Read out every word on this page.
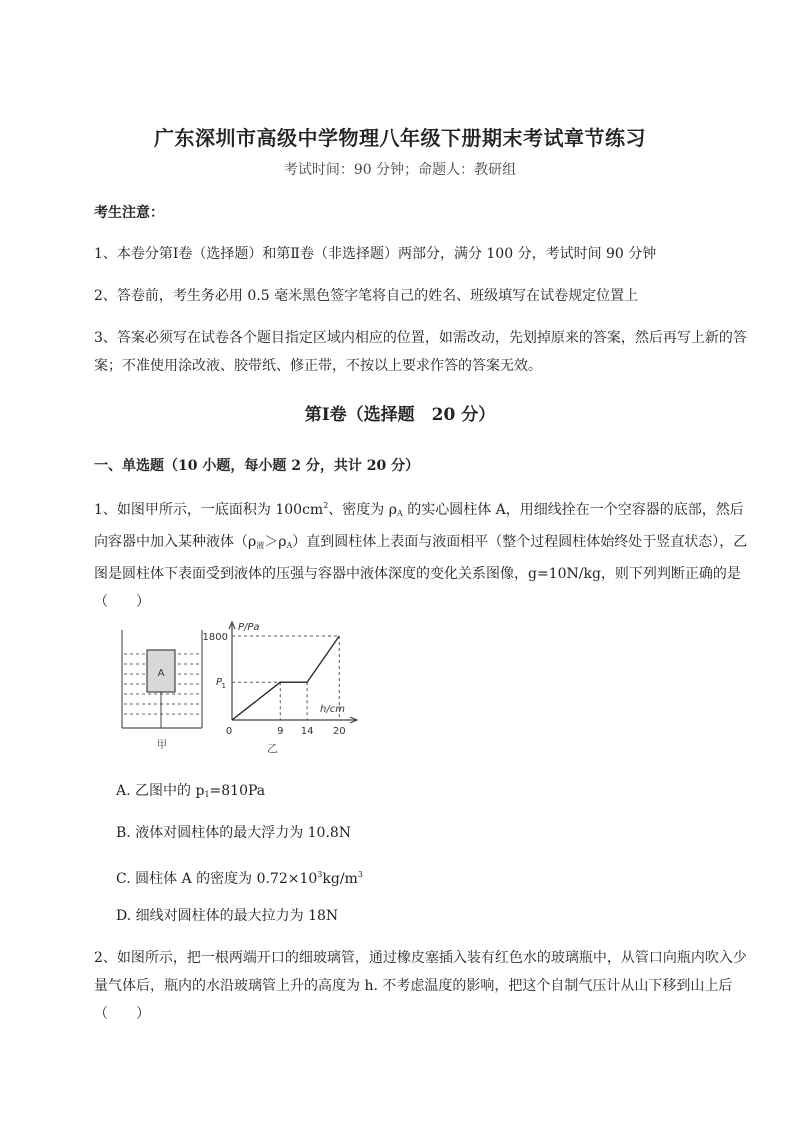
广东深圳市高级中学物理八年级下册期末考试章节练习
考试时间：90 分钟；命题人：教研组
考生注意：
1、本卷分第Ⅰ卷（选择题）和第Ⅱ卷（非选择题）两部分，满分 100 分，考试时间 90 分钟
2、答卷前，考生务必用 0.5 毫米黑色签字笔将自己的姓名、班级填写在试卷规定位置上
3、答案必须写在试卷各个题目指定区域内相应的位置，如需改动，先划掉原来的答案，然后再写上新的答案；不准使用涂改液、胶带纸、修正带，不按以上要求作答的答案无效。
第Ⅰ卷（选择题　20 分）
一、单选题（10 小题，每小题 2 分，共计 20 分）
1、如图甲所示，一底面积为 $100cm^2$、密度为 $\rho_A$ 的实心圆柱体 A，用细线拴在一个空容器的底部，然后向容器中加入某种液体$(\rho_液>\rho_A)$直到圆柱体上表面与液面相平（整个过程圆柱体始终处于竖直状态），乙图是圆柱体下表面受到液体的压强与容器中液体深度的变化关系图像，g=10N/kg，则下列判断正确的是（　　）
A
甲
P/Pa
h/cm
0	9 14 20
1800
P 1
乙
A. 乙图中的 $p_1=810Pa$
B. 液体对圆柱体的最大浮力为 10.8N
C. 圆柱体 A 的密度为 $0.72\times 10^3kg/m^3$
D. 细线对圆柱体的最大拉力为 18N
2、如图所示，把一根两端开口的细玻璃管，通过橡皮塞插入装有红色水的玻璃瓶中，从管口向瓶内吹入少量气体后，瓶内的水沿玻璃管上升的高度为 h. 不考虑温度的影响，把这个自制气压计从山下移到山上后（　　）
